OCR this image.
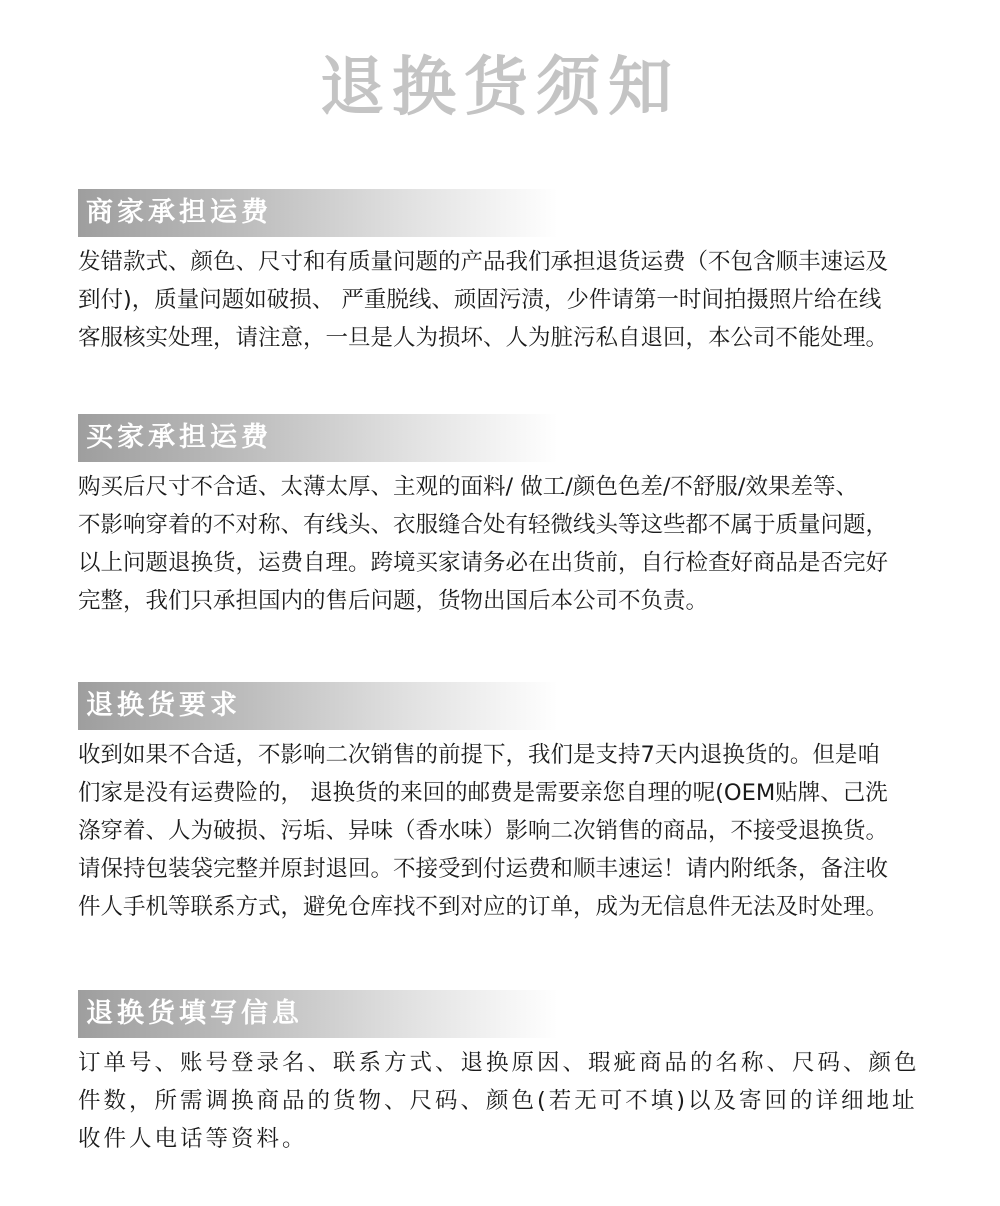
退换货须知
商家承担运费
发错款式、颜色、尺寸和有质量问题的产品我们承担退货运费（不包含顺丰速运及
到付)，质量问题如破损、 严重脱线、顽固污渍，少件请第一时间拍摄照片给在线
客服核实处理，请注意，一旦是人为损坏、人为脏污私自退回，本公司不能处理。
买家承担运费
购买后尺寸不合适、太薄太厚、主观的面料/ 做工/颜色色差/不舒服/效果差等、
不影响穿着的不对称、有线头、衣服缝合处有轻微线头等这些都不属于质量问题，
以上问题退换货，运费自理。跨境买家请务必在出货前，自行检查好商品是否完好
完整，我们只承担国内的售后问题，货物出国后本公司不负责。
退换货要求
收到如果不合适，不影响二次销售的前提下，我们是支持7天内退换货的。但是咱
们家是没有运费险的， 退换货的来回的邮费是需要亲您自理的呢(OEM贴牌、己洗
涤穿着、人为破损、污垢、异味（香水味）影响二次销售的商品，不接受退换货。
请保持包装袋完整并原封退回。不接受到付运费和顺丰速运！请内附纸条，备注收
件人手机等联系方式，避免仓库找不到对应的订单，成为无信息件无法及时处理。
退换货填写信息
订单号、账号登录名、联系方式、退换原因、瑕疵商品的名称、尺码、颜色
件数，所需调换商品的货物、尺码、颜色(若无可不填)以及寄回的详细地址
收件人电话等资料。
